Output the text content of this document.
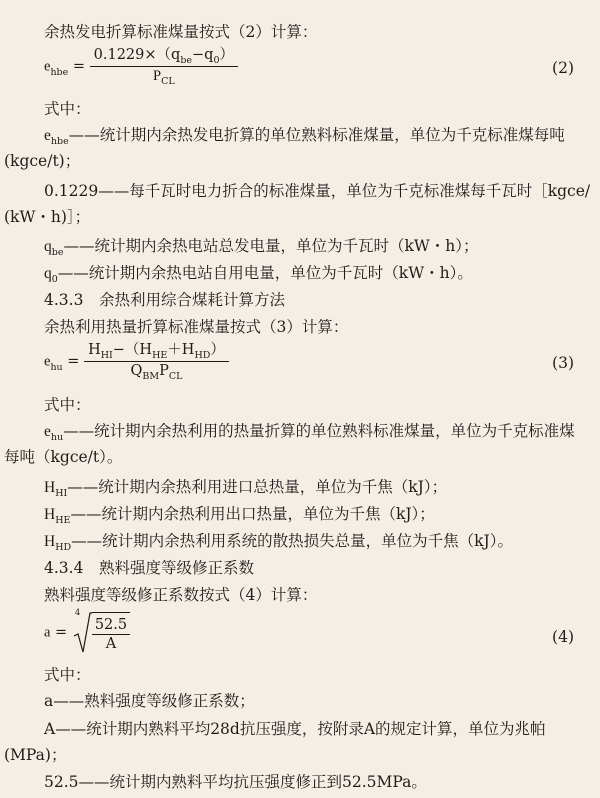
余热发电折算标准煤量按式（2）计算：
$e_{hbe} = \frac{0.1229\times(q_{be}-q_0)}{P_{CL}}$	(2)
式中：
$e_{hbe}——$统计期内余热发电折算的单位熟料标准煤量，单位为千克标准煤每吨
(kgce/t)；
0.1229——每千瓦时电力折合的标准煤量，单位为千克标准煤每千瓦时［kgce/
(kW・h)］；
$q_{be}——$统计期内余热电站总发电量，单位为千瓦时（kW・h）；
$q_0——$统计期内余热电站自用电量，单位为千瓦时（kW・h）。
4.3.3　余热利用综合煤耗计算方法
余热利用热量折算标准煤量按式（3）计算：
$e_{hu} = \frac{H_{HI}-(H_{HE}+H_{HD})}{Q_{BM}P_{CL}}$	(3)
式中：
$e_{hu}——$统计期内余热利用的热量折算的单位熟料标准煤量，单位为千克标准煤
每吨（kgce/t）。
$H_{HI}——$统计期内余热利用进口总热量，单位为千焦（kJ）；
$H_{HE}——$统计期内余热利用出口热量，单位为千焦（kJ）；
$H_{HD}——$统计期内余热利用系统的散热损失总量，单位为千焦（kJ）。
4.3.4　熟料强度等级修正系数
熟料强度等级修正系数按式（4）计算：
a =
$4 \frac{52.5}{A}$	(4)
式中：
a——熟料强度等级修正系数；
A——统计期内熟料平均28d抗压强度，按附录A的规定计算，单位为兆帕
(MPa)；
52.5——统计期内熟料平均抗压强度修正到52.5MPa。
